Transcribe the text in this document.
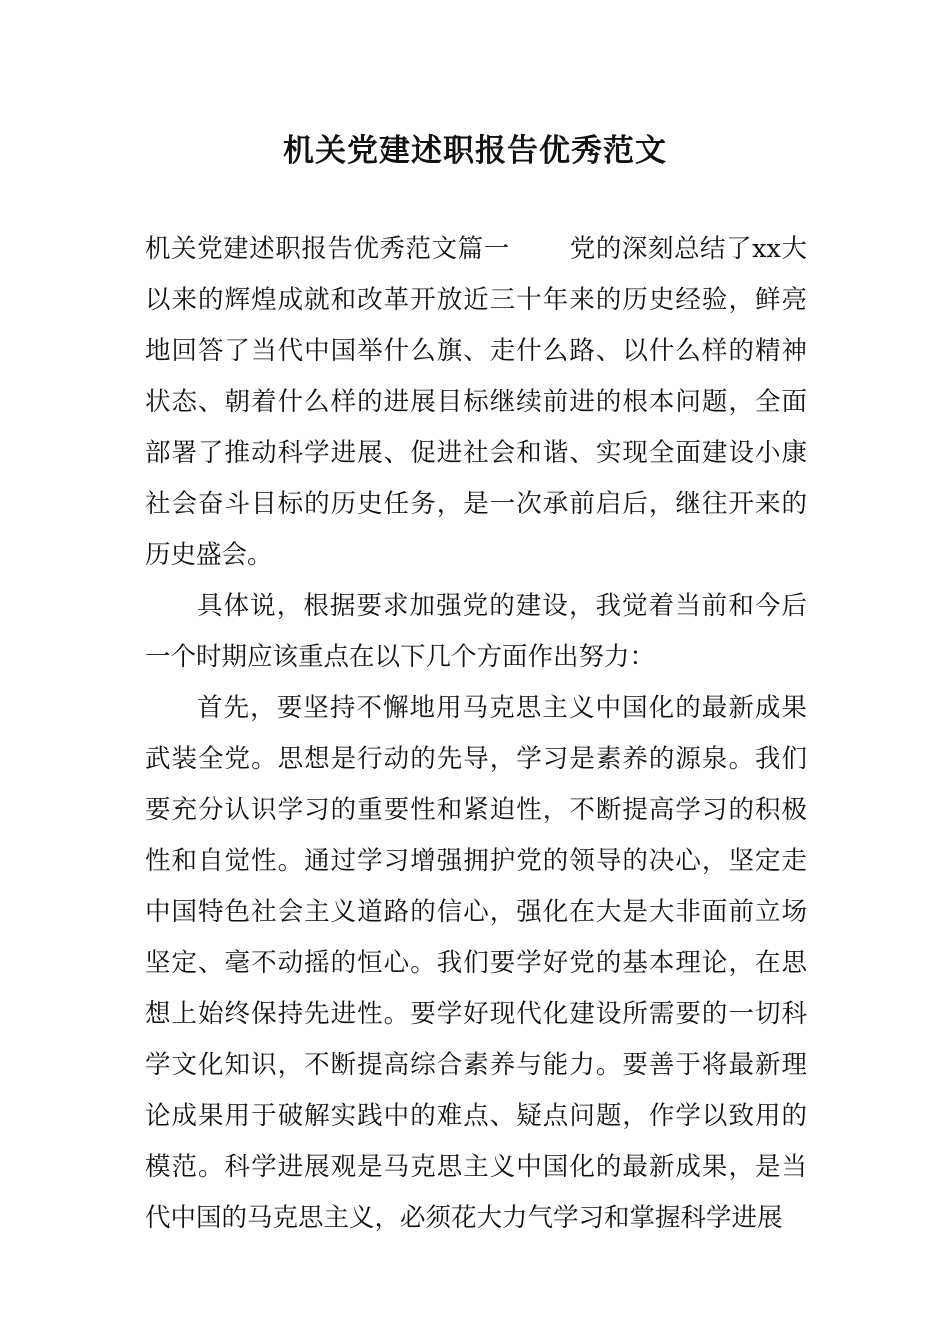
机关党建述职报告优秀范文

机关党建述职报告优秀范文篇一 党的深刻总结了xx大以来的辉煌成就和改革开放近三十年来的历史经验，鲜亮地回答了当代中国举什么旗、走什么路、以什么样的精神状态、朝着什么样的进展目标继续前进的根本问题，全面部署了推动科学进展、促进社会和谐、实现全面建设小康社会奋斗目标的历史任务，是一次承前启后，继往开来的历史盛会。

具体说，根据要求加强党的建设，我觉着当前和今后一个时期应该重点在以下几个方面作出努力：

首先，要坚持不懈地用马克思主义中国化的最新成果武装全党。思想是行动的先导，学习是素养的源泉。我们要充分认识学习的重要性和紧迫性，不断提高学习的积极性和自觉性。通过学习增强拥护党的领导的决心，坚定走中国特色社会主义道路的信心，强化在大是大非面前立场坚定、毫不动摇的恒心。我们要学好党的基本理论，在思想上始终保持先进性。要学好现代化建设所需要的一切科学文化知识，不断提高综合素养与能力。要善于将最新理论成果用于破解实践中的难点、疑点问题，作学以致用的模范。科学进展观是马克思主义中国化的最新成果，是当代中国的马克思主义，必须花大力气学习和掌握科学进展
